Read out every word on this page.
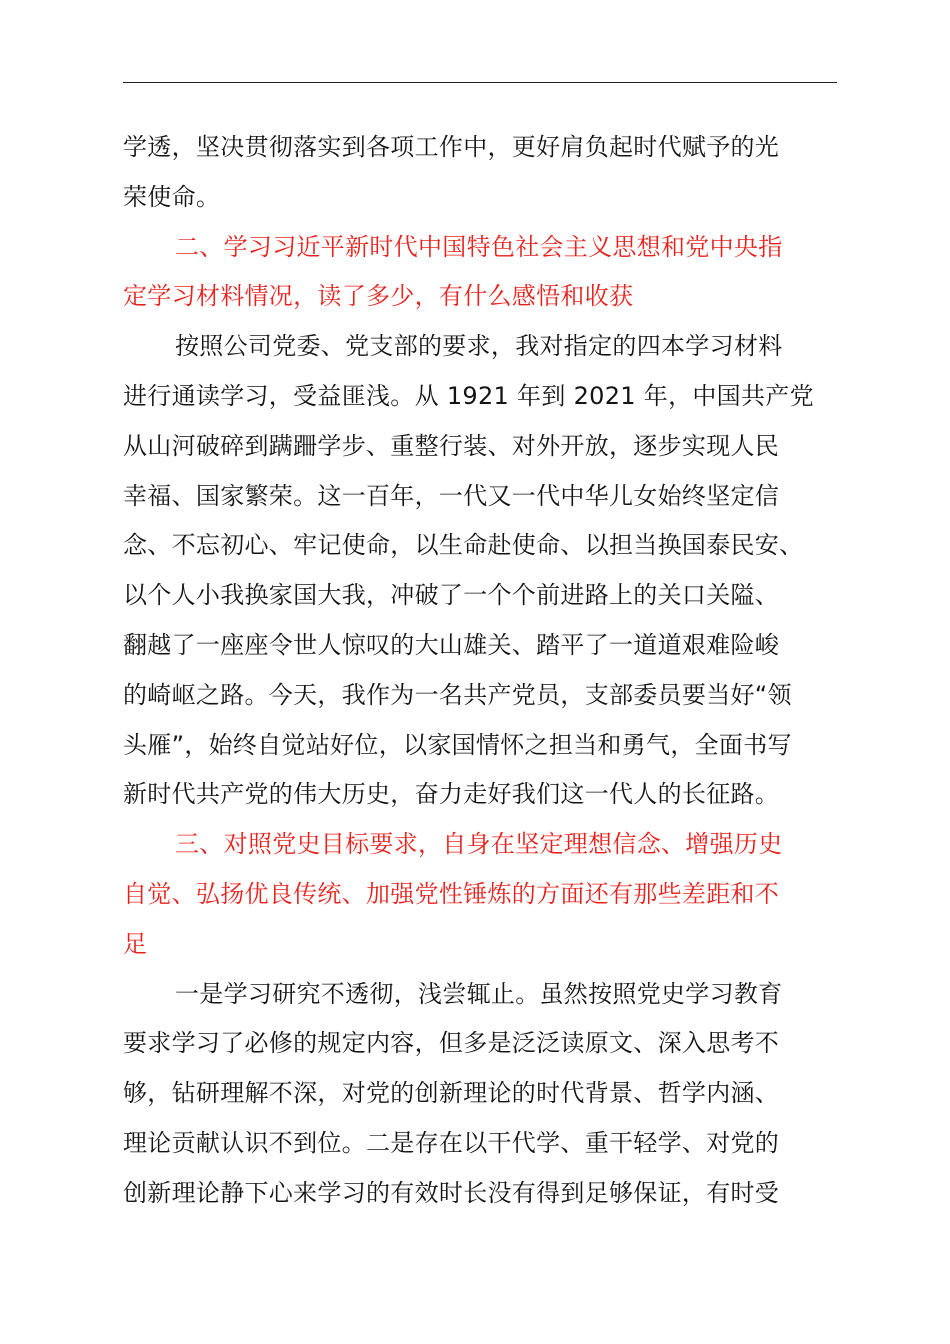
学透，坚决贯彻落实到各项工作中，更好肩负起时代赋予的光
荣使命。
二、学习习近平新时代中国特色社会主义思想和党中央指
定学习材料情况，读了多少，有什么感悟和收获
按照公司党委、党支部的要求，我对指定的四本学习材料
进行通读学习，受益匪浅。从 1921 年到 2021 年，中国共产党
从山河破碎到蹒跚学步、重整行装、对外开放，逐步实现人民
幸福、国家繁荣。这一百年，一代又一代中华儿女始终坚定信
念、不忘初心、牢记使命，以生命赴使命、以担当换国泰民安、
以个人小我换家国大我，冲破了一个个前进路上的关口关隘、
翻越了一座座令世人惊叹的大山雄关、踏平了一道道艰难险峻
的崎岖之路。今天，我作为一名共产党员，支部委员要当好“领
头雁”，始终自觉站好位，以家国情怀之担当和勇气，全面书写
新时代共产党的伟大历史，奋力走好我们这一代人的长征路。
三、对照党史目标要求，自身在坚定理想信念、增强历史
自觉、弘扬优良传统、加强党性锤炼的方面还有那些差距和不
足
一是学习研究不透彻，浅尝辄止。虽然按照党史学习教育
要求学习了必修的规定内容，但多是泛泛读原文、深入思考不
够，钻研理解不深，对党的创新理论的时代背景、哲学内涵、
理论贡献认识不到位。二是存在以干代学、重干轻学、对党的
创新理论静下心来学习的有效时长没有得到足够保证，有时受
